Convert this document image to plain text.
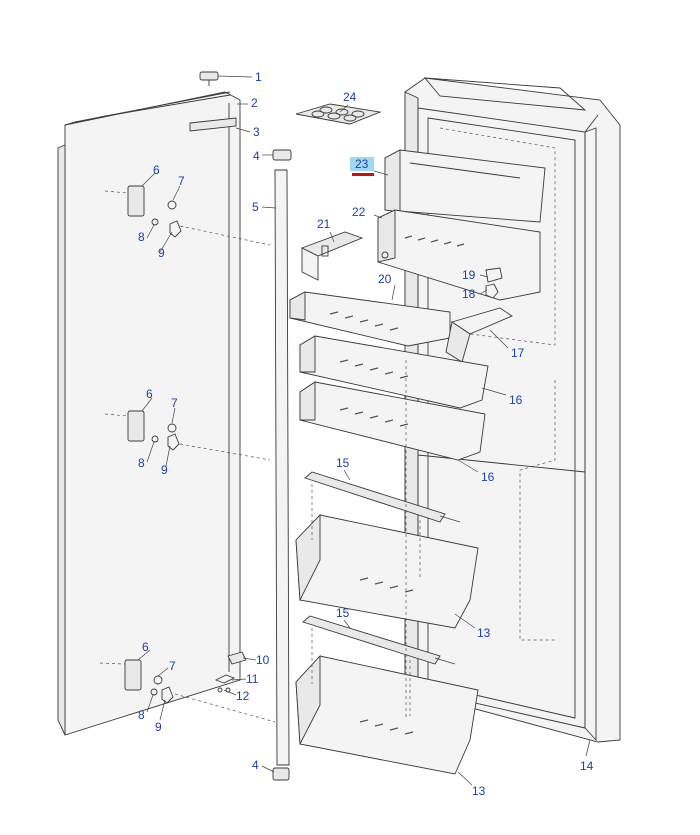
1
2
3
4
5
6
7
8
9
6
7
8 9
6
7
8
9
10
11
12
4
24
23
22
21
19
20
18
17
16
16
15
13
15
13
14
